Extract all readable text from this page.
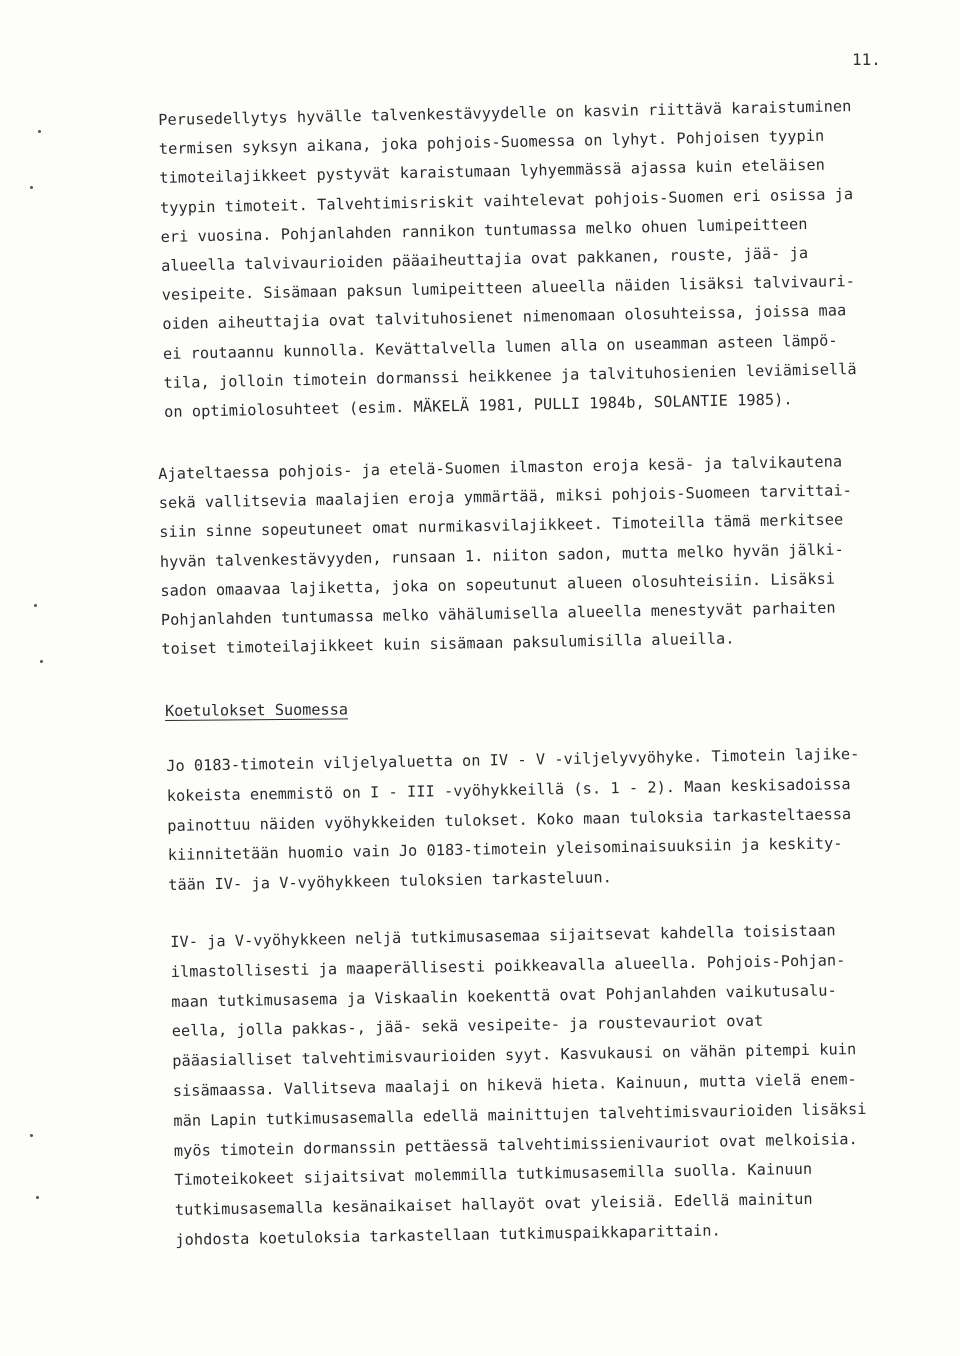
11.
Perusedellytys hyvälle talvenkestävyydelle on kasvin riittävä karaistuminen
termisen syksyn aikana, joka pohjois-Suomessa on lyhyt. Pohjoisen tyypin
timoteilajikkeet pystyvät karaistumaan lyhyemmässä ajassa kuin eteläisen
tyypin timoteit. Talvehtimisriskit vaihtelevat pohjois-Suomen eri osissa ja
eri vuosina. Pohjanlahden rannikon tuntumassa melko ohuen lumipeitteen
alueella talvivaurioiden pääaiheuttajia ovat pakkanen, rouste, jää- ja
vesipeite. Sisämaan paksun lumipeitteen alueella näiden lisäksi talvivauri-
oiden aiheuttajia ovat talvituhosienet nimenomaan olosuhteissa, joissa maa
ei routaannu kunnolla. Kevättalvella lumen alla on useamman asteen lämpö-
tila, jolloin timotein dormanssi heikkenee ja talvituhosienien leviämisellä
on optimiolosuhteet (esim. MÄKELÄ 1981, PULLI 1984b, SOLANTIE 1985).
Ajateltaessa pohjois- ja etelä-Suomen ilmaston eroja kesä- ja talvikautena
sekä vallitsevia maalajien eroja ymmärtää, miksi pohjois-Suomeen tarvittai-
siin sinne sopeutuneet omat nurmikasvilajikkeet. Timoteilla tämä merkitsee
hyvän talvenkestävyyden, runsaan 1. niiton sadon, mutta melko hyvän jälki-
sadon omaavaa lajiketta, joka on sopeutunut alueen olosuhteisiin. Lisäksi
Pohjanlahden tuntumassa melko vähälumisella alueella menestyvät parhaiten
toiset timoteilajikkeet kuin sisämaan paksulumisilla alueilla.
Koetulokset Suomessa
Jo 0183-timotein viljelyaluetta on IV - V -viljelyvyöhyke. Timotein lajike-
kokeista enemmistö on I - III -vyöhykkeillä (s. 1 - 2). Maan keskisadoissa
painottuu näiden vyöhykkeiden tulokset. Koko maan tuloksia tarkasteltaessa
kiinnitetään huomio vain Jo 0183-timotein yleisominaisuuksiin ja keskity-
tään IV- ja V-vyöhykkeen tuloksien tarkasteluun.
IV- ja V-vyöhykkeen neljä tutkimusasemaa sijaitsevat kahdella toisistaan
ilmastollisesti ja maaperällisesti poikkeavalla alueella. Pohjois-Pohjan-
maan tutkimusasema ja Viskaalin koekenttä ovat Pohjanlahden vaikutusalu-
eella, jolla pakkas-, jää- sekä vesipeite- ja roustevauriot ovat
pääasialliset talvehtimisvaurioiden syyt. Kasvukausi on vähän pitempi kuin
sisämaassa. Vallitseva maalaji on hikevä hieta. Kainuun, mutta vielä enem-
män Lapin tutkimusasemalla edellä mainittujen talvehtimisvaurioiden lisäksi
myös timotein dormanssin pettäessä talvehtimissienivauriot ovat melkoisia.
Timoteikokeet sijaitsivat molemmilla tutkimusasemilla suolla. Kainuun
tutkimusasemalla kesänaikaiset hallayöt ovat yleisiä. Edellä mainitun
johdosta koetuloksia tarkastellaan tutkimuspaikkaparittain.
